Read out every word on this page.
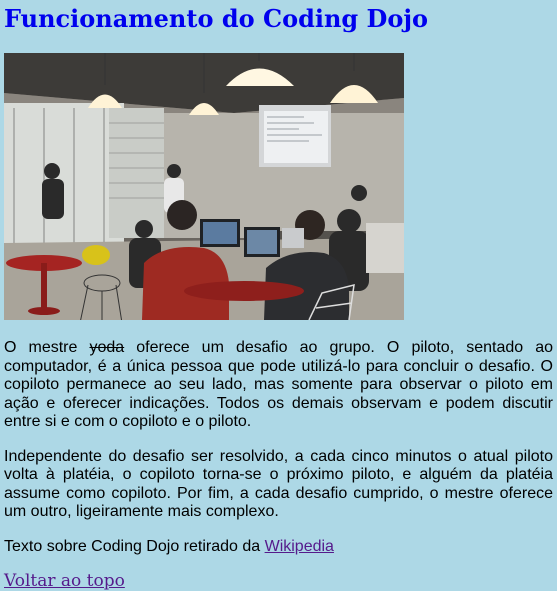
Funcionamento do Coding Dojo

O mestre yoda oferece um desafio ao grupo. O piloto, sentado ao computador, é a única pessoa que pode utilizá-lo para concluir o desafio. O copiloto permanece ao seu lado, mas somente para observar o piloto em ação e oferecer indicações. Todos os demais observam e podem discutir entre si e com o copiloto e o piloto.

Independente do desafio ser resolvido, a cada cinco minutos o atual piloto volta à platéia, o copiloto torna-se o próximo piloto, e alguém da platéia assume como copiloto. Por fim, a cada desafio cumprido, o mestre oferece um outro, ligeiramente mais complexo.

Texto sobre Coding Dojo retirado da Wikipedia

Voltar ao topo
